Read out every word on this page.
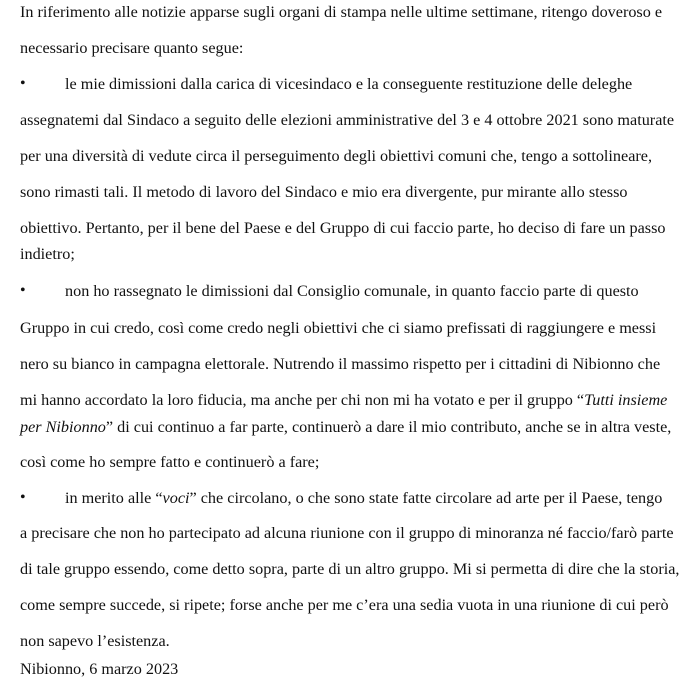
In riferimento alle notizie apparse sugli organi di stampa nelle ultime settimane, ritengo doveroso e
necessario precisare quanto segue:
• le mie dimissioni dalla carica di vicesindaco e la conseguente restituzione delle deleghe
assegnatemi dal Sindaco a seguito delle elezioni amministrative del 3 e 4 ottobre 2021 sono maturate
per una diversità di vedute circa il perseguimento degli obiettivi comuni che, tengo a sottolineare,
sono rimasti tali. Il metodo di lavoro del Sindaco e mio era divergente, pur mirante allo stesso
obiettivo. Pertanto, per il bene del Paese e del Gruppo di cui faccio parte, ho deciso di fare un passo
indietro;
• non ho rassegnato le dimissioni dal Consiglio comunale, in quanto faccio parte di questo
Gruppo in cui credo, così come credo negli obiettivi che ci siamo prefissati di raggiungere e messi
nero su bianco in campagna elettorale. Nutrendo il massimo rispetto per i cittadini di Nibionno che
mi hanno accordato la loro fiducia, ma anche per chi non mi ha votato e per il gruppo “Tutti insieme
per Nibionno” di cui continuo a far parte, continuerò a dare il mio contributo, anche se in altra veste,
così come ho sempre fatto e continuerò a fare;
• in merito alle “voci” che circolano, o che sono state fatte circolare ad arte per il Paese, tengo
a precisare che non ho partecipato ad alcuna riunione con il gruppo di minoranza né faccio/farò parte
di tale gruppo essendo, come detto sopra, parte di un altro gruppo. Mi si permetta di dire che la storia,
come sempre succede, si ripete; forse anche per me c’era una sedia vuota in una riunione di cui però
non sapevo l’esistenza.
Nibionno, 6 marzo 2023
